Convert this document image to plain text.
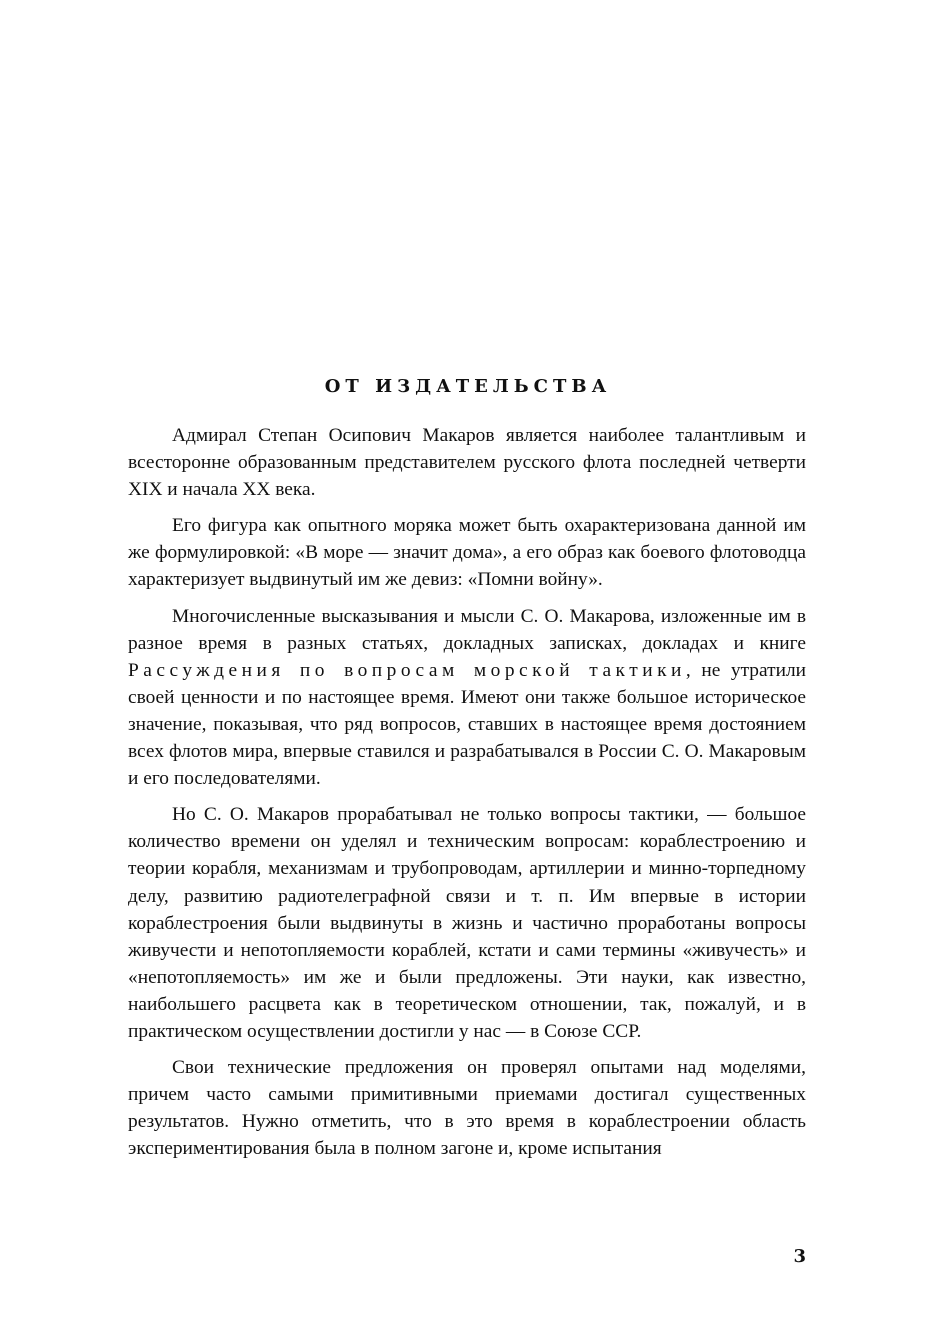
ОТ ИЗДАТЕЛЬСТВА

Адмирал Степан Осипович Макаров является наиболее талантливым и всесторонне образованным представителем русского флота последней четверти XIX и начала XX века.

Его фигура как опытного моряка может быть охарактеризована данной им же формулировкой: «В море — значит дома», а его образ как боевого флотоводца характеризует выдвинутый им же девиз: «Помни войну».

Многочисленные высказывания и мысли С. О. Макарова, изложенные им в разное время в разных статьях, докладных записках, докладах и книге Рассуждения по вопросам морской тактики, не утратили своей ценности и по настоящее время. Имеют они также большое историческое значение, показывая, что ряд вопросов, ставших в настоящее время достоянием всех флотов мира, впервые ставился и разрабатывался в России С. О. Макаровым и его последователями.

Но С. О. Макаров прорабатывал не только вопросы тактики, — большое количество времени он уделял и техническим вопросам: кораблестроению и теории корабля, механизмам и трубопроводам, артиллерии и минно-торпедному делу, развитию радиотелеграфной связи и т. п. Им впервые в истории кораблестроения были выдвинуты в жизнь и частично проработаны вопросы живучести и непотопляемости кораблей, кстати и сами термины «живучесть» и «непотопляемость» им же и были предложены. Эти науки, как известно, наибольшего расцвета как в теоретическом отношении, так, пожалуй, и в практическом осуществлении достигли у нас — в Союзе ССР.

Свои технические предложения он проверял опытами над моделями, причем часто самыми примитивными приемами достигал существенных результатов. Нужно отметить, что в это время в кораблестроении область экспериментирования была в полном загоне и, кроме испытания

3
